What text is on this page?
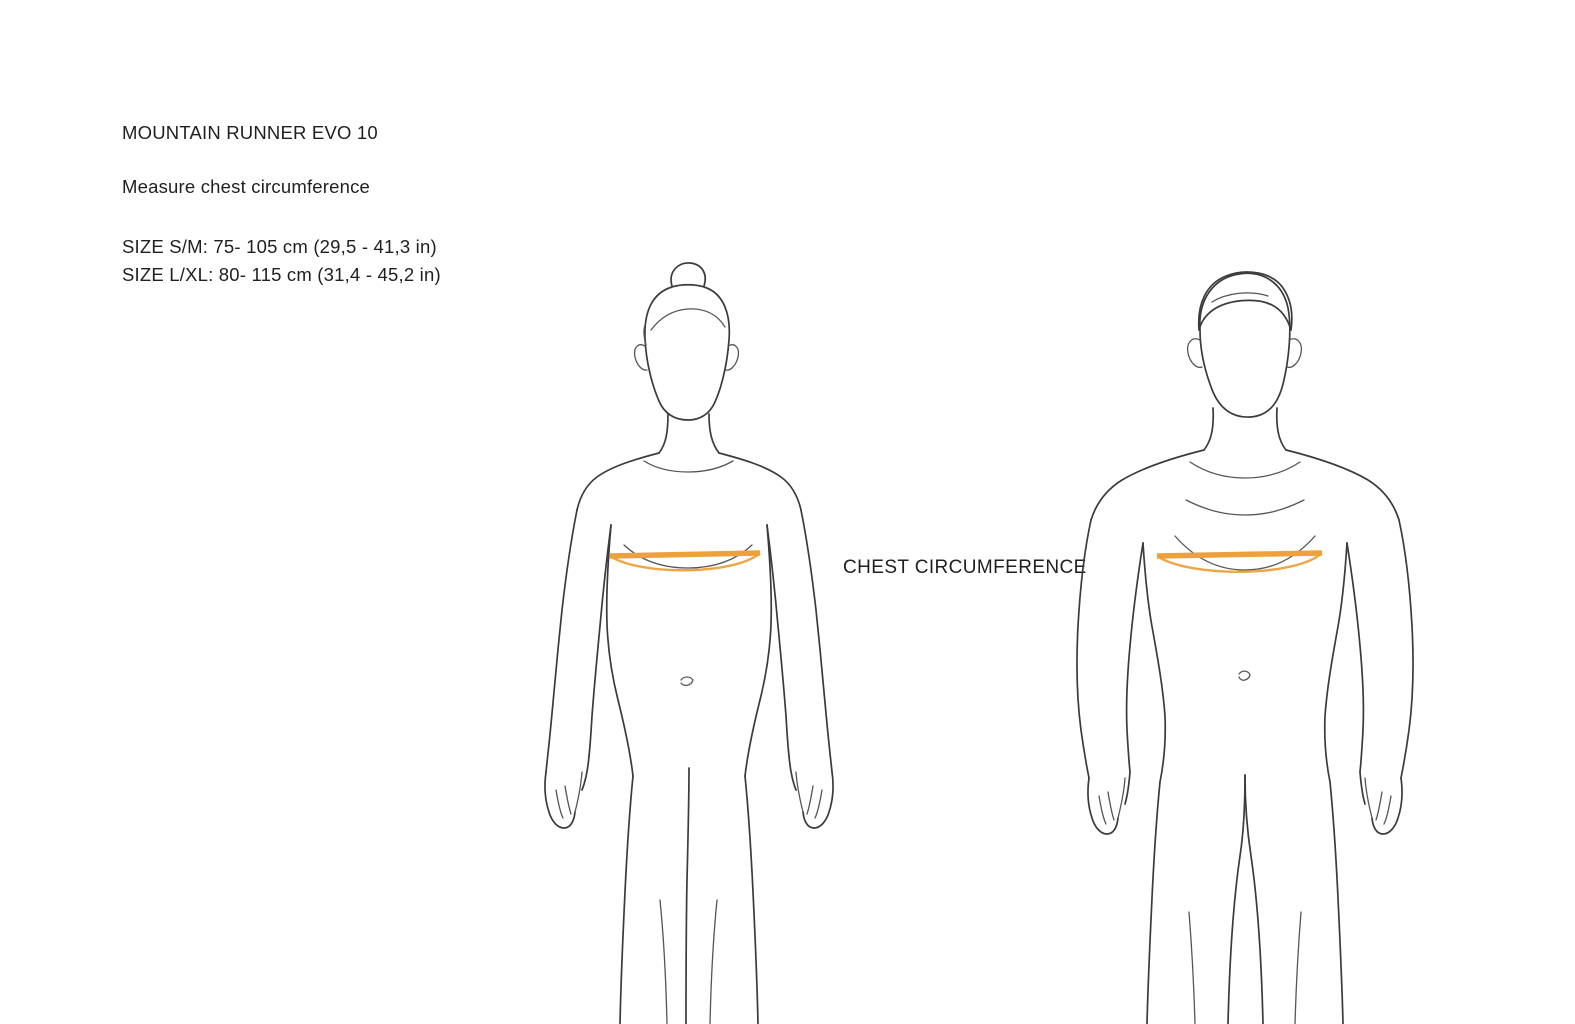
MOUNTAIN RUNNER EVO 10

Measure chest circumference

SIZE S/M: 75- 105 cm (29,5 - 41,3 in)

SIZE L/XL: 80- 115 cm (31,4 - 45,2 in)

CHEST CIRCUMFERENCE
